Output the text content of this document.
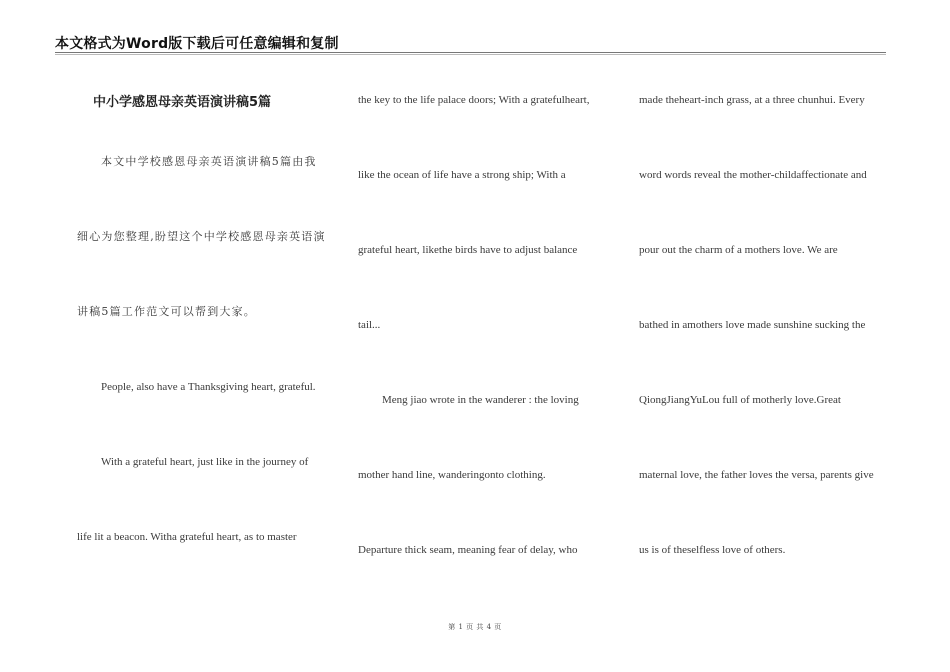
本文格式为Word版下载后可任意编辑和复制
中小学感恩母亲英语演讲稿5篇
本文中学校感恩母亲英语演讲稿5篇由我
细心为您整理,盼望这个中学校感恩母亲英语演
讲稿5篇工作范文可以帮到大家。
People, also have a Thanksgiving heart, grateful.
With a grateful heart, just like in the journey of
life lit a beacon. Witha grateful heart, as to master
the key to the life palace doors; With a gratefulheart,
like the ocean of life have a strong ship; With a
grateful heart, likethe birds have to adjust balance
tail...
Meng jiao wrote in the wanderer : the loving
mother hand line, wanderingonto clothing.
Departure thick seam, meaning fear of delay, who
made theheart-inch grass, at a three chunhui. Every
word words reveal the mother-childaffectionate and
pour out the charm of a mothers love. We are
bathed in amothers love made sunshine sucking the
QiongJiangYuLou full of motherly love.Great
maternal love, the father loves the versa, parents give
us is of theselfless love of others.
第 1 页 共 4 页
